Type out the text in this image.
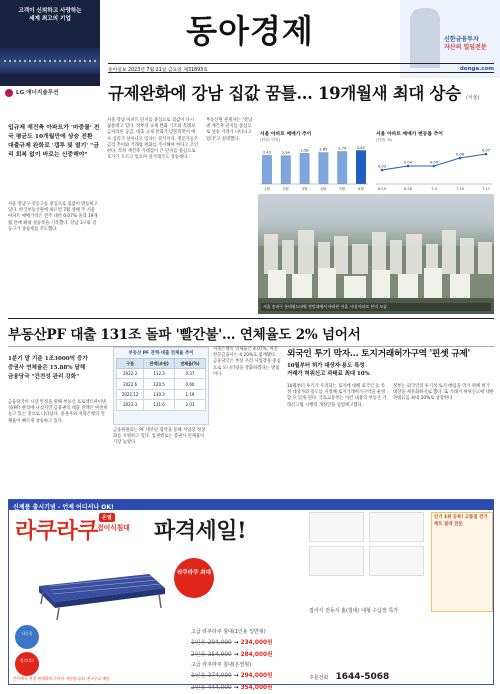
고객이 신뢰하고 사랑하는
세계 최고의 기업
LG 에너지솔루션
동아경제	신한금융투자
자산의 일임전문
동아일보 2023년 7월 21일 금요일 제31893호	donga.com
규제완화에 강남 집값 꿈틀… 19개월새 최대 상승	(서울)
입규제 재건축 아파트가 '마중물' 전국 평균도 10개월만에 상승 전환 대출규제 완화로 '갭투 및 열기' "금리 회복 없이 바로는 신중해야"
서울 강남구·강동구를 중심으로 집값이 반등하고 있다. 한국부동산원에 따르면 7월 셋째 주 서울 아파트 매매가격은 전주 대비 0.07% 올라 19개월 만에 최대 상승폭을 기록했다. 강남 3구와 강동구가 상승세를 주도했다.
서울 강남 아파트 단지를 중심으로 집값이 다시 꿈틀대고 있다. 정부의 규제 완화 기조와 특례보금자리론 공급, 대출 규제 완화가 맞물리면서 매수 심리가 살아나고 있다는 분석이다. 전문가들은 금리 추이와 거래량 변화를 주시해야 한다고 조언한다. 특히 재건축 기대감이 큰 단지를 중심으로 호가가 오르고 있으며 실거래가도 상승세다.
부동산원 관계자는 "강남권 재건축 단지를 중심으로 상승 거래가 나타나고 있다"고 설명했다.
서울 아파트 매매가 추이
(단위: 억원)
2.42
1월
2.39
2월
2.58
3월
2.65
4월
2.74
5월
2.81
6월
서울 아파트 매매가 변동률 추이
(단위: %)
0.03
6.19
0.04
6.26
0.04
7.3
0.06
7.10
0.07
7.17
서울 송파구 롯데월드타워 전망대에서 바라본 서울 시내 아파트 단지 모습.
부동산PF 대출 131조 돌파 '빨간불'… 연체율도 2% 넘어서
1분기 말 기준 1조3000억 증가
증권사 연체율은 15.88% 달해
금융당국 "건전성 관리 강화"
금융당국이 시장 안정을 위해 부동산 프로젝트파이낸싱(PF) 관리에 나섰지만 금융권의 대출 잔액은 여전히 늘고 있는 것으로 나타났다. 증권사와 저축은행의 연체율이 빠르게 상승하고 있다.
부동산 PF 잔액·대출 연체율 추이
구분	잔액(조원)	연체율(%)
2022.3	112.3	0.37
2022.6	120.5	0.60
2022.12	130.3	1.19
2023.3	131.6	2.01
금융위원회는 PF 대주단 협약을 통해 사업장 정상화를 지원하고 있다. 업권별로는 증권사 연체율이 가장 높았다.
저축은행의 연체율은 4.07%, 여신전문금융사는 4.20%로 집계됐다. 금융당국은 부실 우려 사업장을 중심으로 모니터링을 강화하겠다는 방침이다.
외국인 투기 막자… 토지거래허가구역 '핀셋 규제'
10월부터 허가 대상자·용도 특정
거래가 허위신고 과태료 최대 10%
10월부터 투기가 우려되는 토지에 대해 외국인 등 특정 대상자와 용도를 지정해 토지거래허가구역을 운영할 수 있게 된다. 국토교통부는 이런 내용의 부동산 거래신고법 시행령 개정안을 입법예고했다.
정부는 외국인의 투기성 토지 매입을 막기 위해 허가 대상을 세분화하기로 했다. 또 거래가 허위신고에 대한 과태료를 최대 10%로 상향한다.
신제품 출시기념 - 언제 어디서나 OK!
라쿠라쿠 온열
접이식침대 파격세일!
라쿠라쿠 최대
나다움
생각대로
고급 라쿠라쿠 침대(1인용 일반형)
1인용 294,000 → 234,000원
2인용 354,000 → 284,000원
고급 라쿠라쿠 침대(온열형)
1인용 374,000 → 294,000원
2인용 444,000 → 354,000원
인기 1위 등록! 고품질 전기매트 침대 전문
접이식 전동식 홈(침대) 대형 수납장 특가
주문전화 1644-5068
본사에서 직접 판매하여 가격이 저렴합니다! 전국무료 배송
